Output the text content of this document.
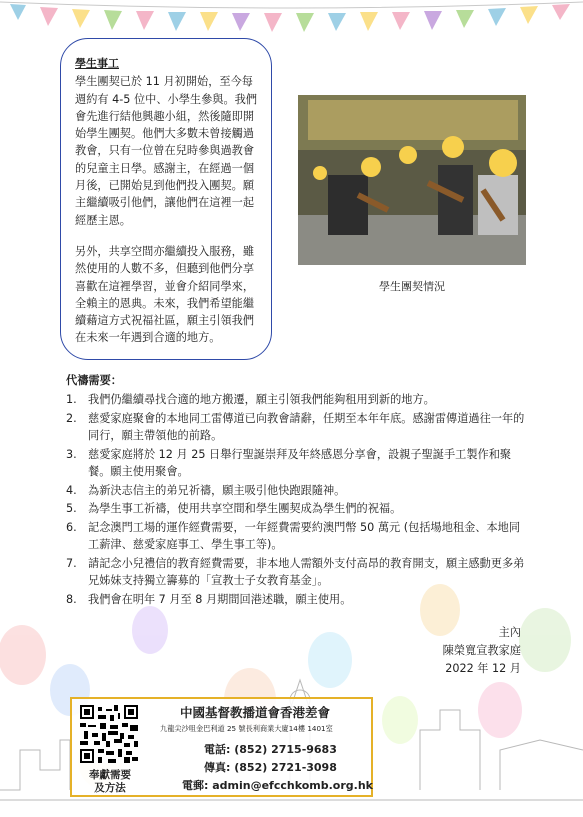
學生事工

學生團契已於 11 月初開始，至今每週約有 4-5 位中、小學生參與。我們會先進行結他興趣小組，然後隨即開始學生團契。他們大多數未曾接觸過教會，只有一位曾在兒時參與過教會的兒童主日學。感謝主，在經過一個月後，已開始見到他們投入團契。願主繼續吸引他們，讓他們在這裡一起經歷主恩。

另外，共享空間亦繼續投入服務，雖然使用的人數不多，但聽到他們分享喜歡在這裡學習，並會介紹同學來，全賴主的恩典。未來，我們希望能繼續藉這方式祝福社區，願主引領我們在未來一年遇到合適的地方。

學生團契情況
代禱需要：
1. 我們仍繼續尋找合適的地方搬遷，願主引領我們能夠租用到新的地方。
2. 慈愛家庭聚會的本地同工雷傳道已向教會請辭，任期至本年年底。感謝雷傳道過往一年的同行，願主帶領他的前路。
3. 慈愛家庭將於 12 月 25 日舉行聖誕崇拜及年終感恩分享會，設親子聖誕手工製作和聚餐。願主使用聚會。
4. 為新決志信主的弟兄祈禱，願主吸引他快跑跟隨神。
5. 為學生事工祈禱，使用共享空間和學生團契成為學生們的祝福。
6. 記念澳門工場的運作經費需要，一年經費需要約澳門幣 50 萬元 (包括場地租金、本地同工薪津、慈愛家庭事工、學生事工等)。
7. 請記念小兒禮信的教育經費需要，非本地人需額外支付高昂的教育開支，願主感動更多弟兄姊妹支持獨立籌募的「宣教士子女教育基金」。
8. 我們會在明年 7 月至 8 月期間回港述職，願主使用。
主內
陳榮寬宣教家庭
2022 年 12 月
奉獻需要
及方法
中國基督教播道會香港差會
九龍尖沙咀金巴利道 25 號長利商業大廈14樓 1401室
電話: (852) 2715-9683
傳真: (852) 2721-3098
電郵: admin@efcchkomb.org.hk
